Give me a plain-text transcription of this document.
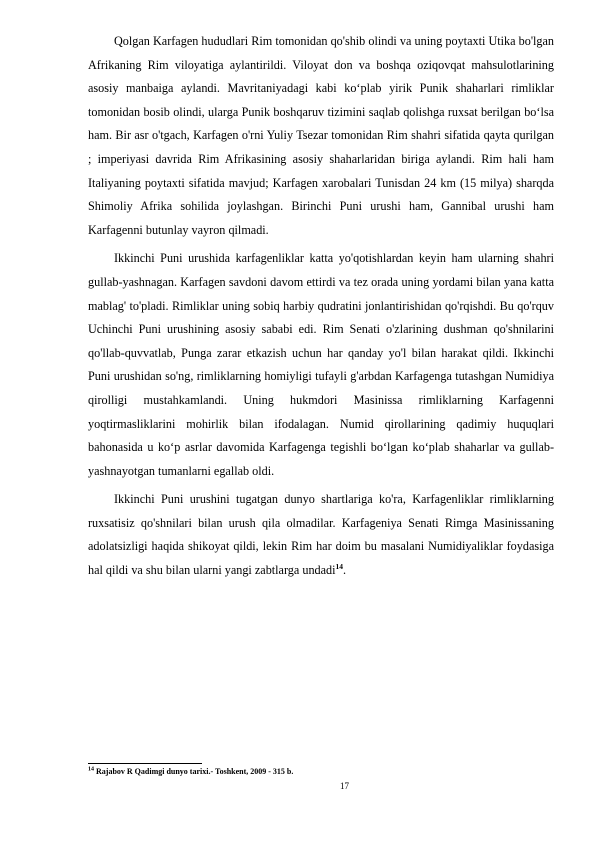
Qolgan Karfagen hududlari Rim tomonidan qo'shib olindi va uning poytaxti Utika bo'lgan Afrikaning Rim viloyatiga aylantirildi. Viloyat don va boshqa oziqovqat mahsulotlarining asosiy manbaiga aylandi. Mavritaniyadagi kabi koʻplab yirik Punik shaharlari rimliklar tomonidan bosib olindi, ularga Punik boshqaruv tizimini saqlab qolishga ruxsat berilgan boʻlsa ham. Bir asr o'tgach, Karfagen o'rni Yuliy Tsezar tomonidan Rim shahri sifatida qayta qurilgan ; imperiyasi davrida Rim Afrikasining asosiy shaharlaridan biriga aylandi. Rim hali ham Italiyaning poytaxti sifatida mavjud; Karfagen xarobalari Tunisdan 24 km (15 milya) sharqda Shimoliy Afrika sohilida joylashgan. Birinchi Puni urushi ham, Gannibal urushi ham Karfagenni butunlay vayron qilmadi.

Ikkinchi Puni urushida karfagenliklar katta yo'qotishlardan keyin ham ularning shahri gullab-yashnagan. Karfagen savdoni davom ettirdi va tez orada uning yordami bilan yana katta mablag' to'pladi. Rimliklar uning sobiq harbiy qudratini jonlantirishidan qo'rqishdi. Bu qo'rquv Uchinchi Puni urushining asosiy sababi edi. Rim Senati o'zlarining dushman qo'shnilarini qo'llab-quvvatlab, Punga zarar etkazish uchun har qanday yo'l bilan harakat qildi. Ikkinchi Puni urushidan so'ng, rimliklarning homiyligi tufayli g'arbdan Karfagenga tutashgan Numidiya qirolligi mustahkamlandi. Uning hukmdori Masinissa rimliklarning Karfagenni yoqtirmasliklarini mohirlik bilan ifodalagan. Numid qirollarining qadimiy huquqlari bahonasida u koʻp asrlar davomida Karfagenga tegishli boʻlgan koʻplab shaharlar va gullab-yashnayotgan tumanlarni egallab oldi.

Ikkinchi Puni urushini tugatgan dunyo shartlariga ko'ra, Karfagenliklar rimliklarning ruxsatisiz qo'shnilari bilan urush qila olmadilar. Karfageniya Senati Rimga Masinissaning adolatsizligi haqida shikoyat qildi, lekin Rim har doim bu masalani Numidiyaliklar foydasiga hal qildi va shu bilan ularni yangi zabtlarga undadi$^{14}$.

$^{14}$ Rajabov R Qadimgi dunyo tarixi.- Toshkent, 2009 - 315 b.
17
